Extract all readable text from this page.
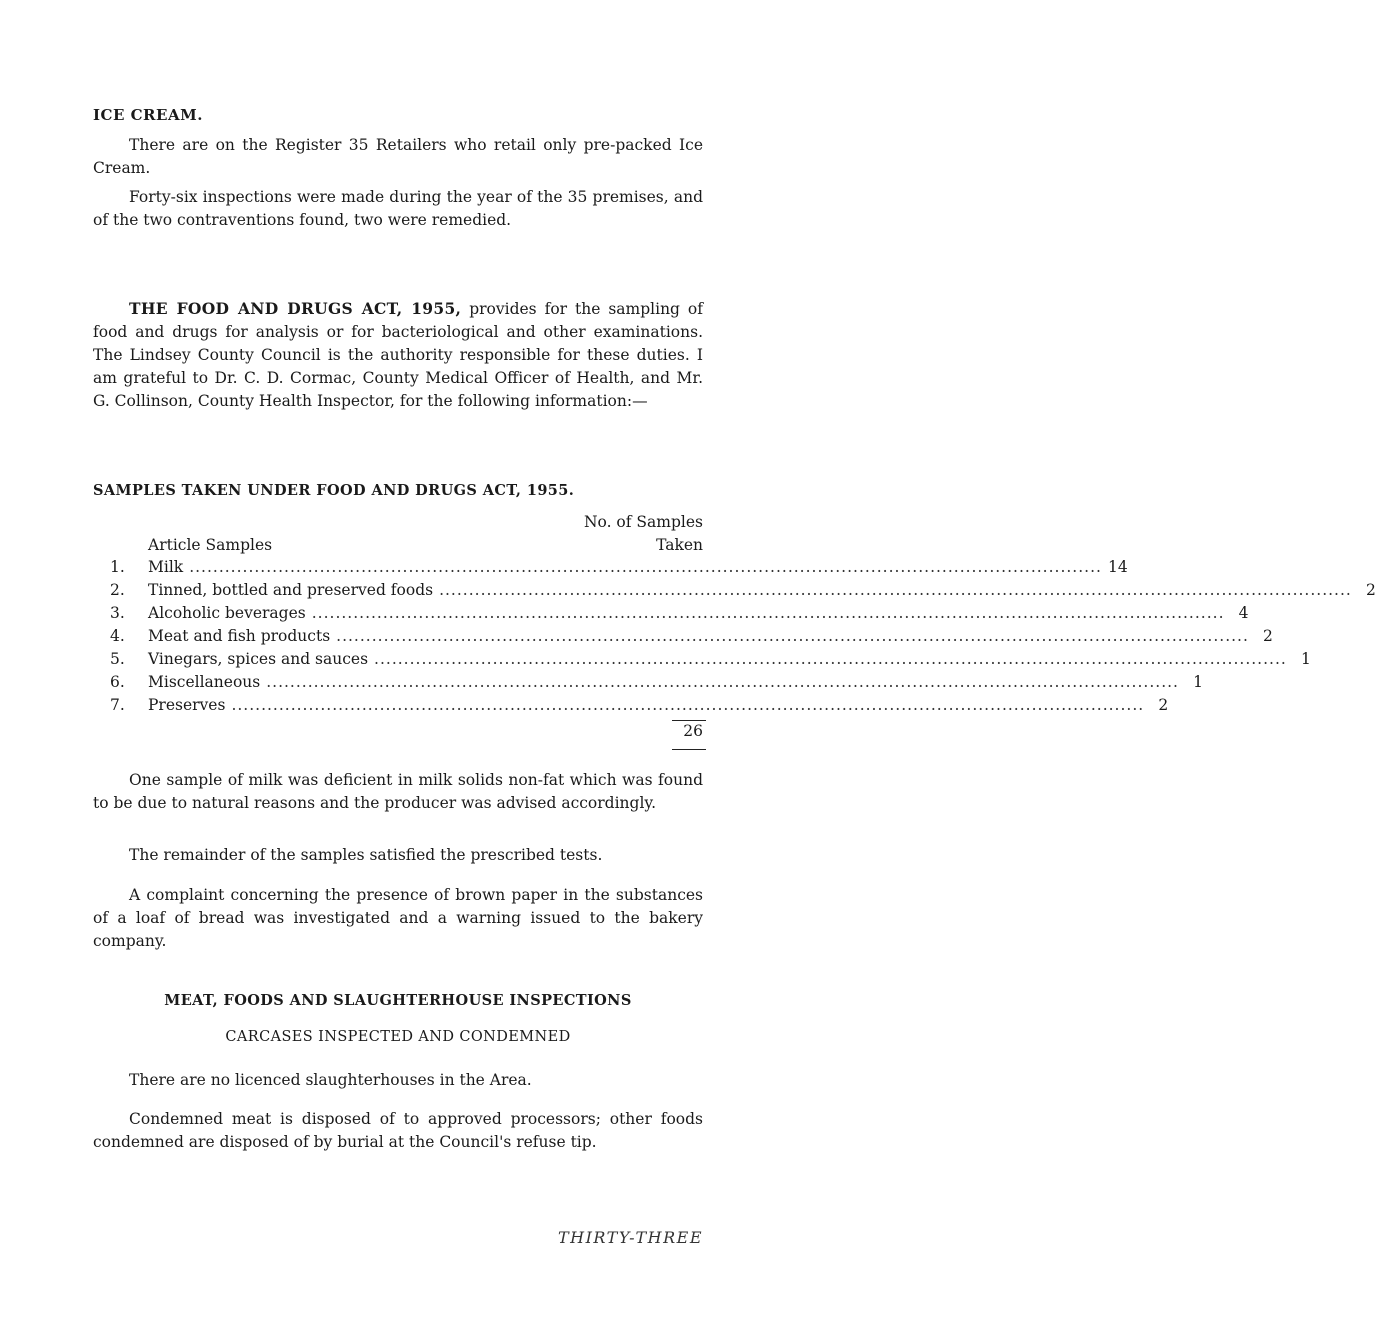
ICE CREAM.

There are on the Register 35 Retailers who retail only pre-packed Ice Cream.

Forty-six inspections were made during the year of the 35 premises, and of the two contraventions found, two were remedied.

THE FOOD AND DRUGS ACT, 1955, provides for the sampling of food and drugs for analysis or for bacteriological and other examinations. The Lindsey County Council is the authority responsible for these duties. I am grateful to Dr. C. D. Cormac, County Medical Officer of Health, and Mr. G. Collinson, County Health Inspector, for the following information:—

SAMPLES TAKEN UNDER FOOD AND DRUGS ACT, 1955.
No. of Samples
Article Samples	Taken
1.	Milk .......................................................................................................................................................... 14
2.	Tinned, bottled and preserved foods .......................................................................................................................................................... 2
3.	Alcoholic beverages .......................................................................................................................................................... 4
4.	Meat and fish products .......................................................................................................................................................... 2
5.	Vinegars, spices and sauces .......................................................................................................................................................... 1
6.	Miscellaneous .......................................................................................................................................................... 1
7.	Preserves .......................................................................................................................................................... 2
26

One sample of milk was deficient in milk solids non-fat which was found to be due to natural reasons and the producer was advised accordingly.

The remainder of the samples satisfied the prescribed tests.

A complaint concerning the presence of brown paper in the substances of a loaf of bread was investigated and a warning issued to the bakery company.

MEAT, FOODS AND SLAUGHTERHOUSE INSPECTIONS
CARCASES INSPECTED AND CONDEMNED

There are no licenced slaughterhouses in the Area.

Condemned meat is disposed of to approved processors; other foods condemned are disposed of by burial at the Council's refuse tip.

THIRTY-THREE
